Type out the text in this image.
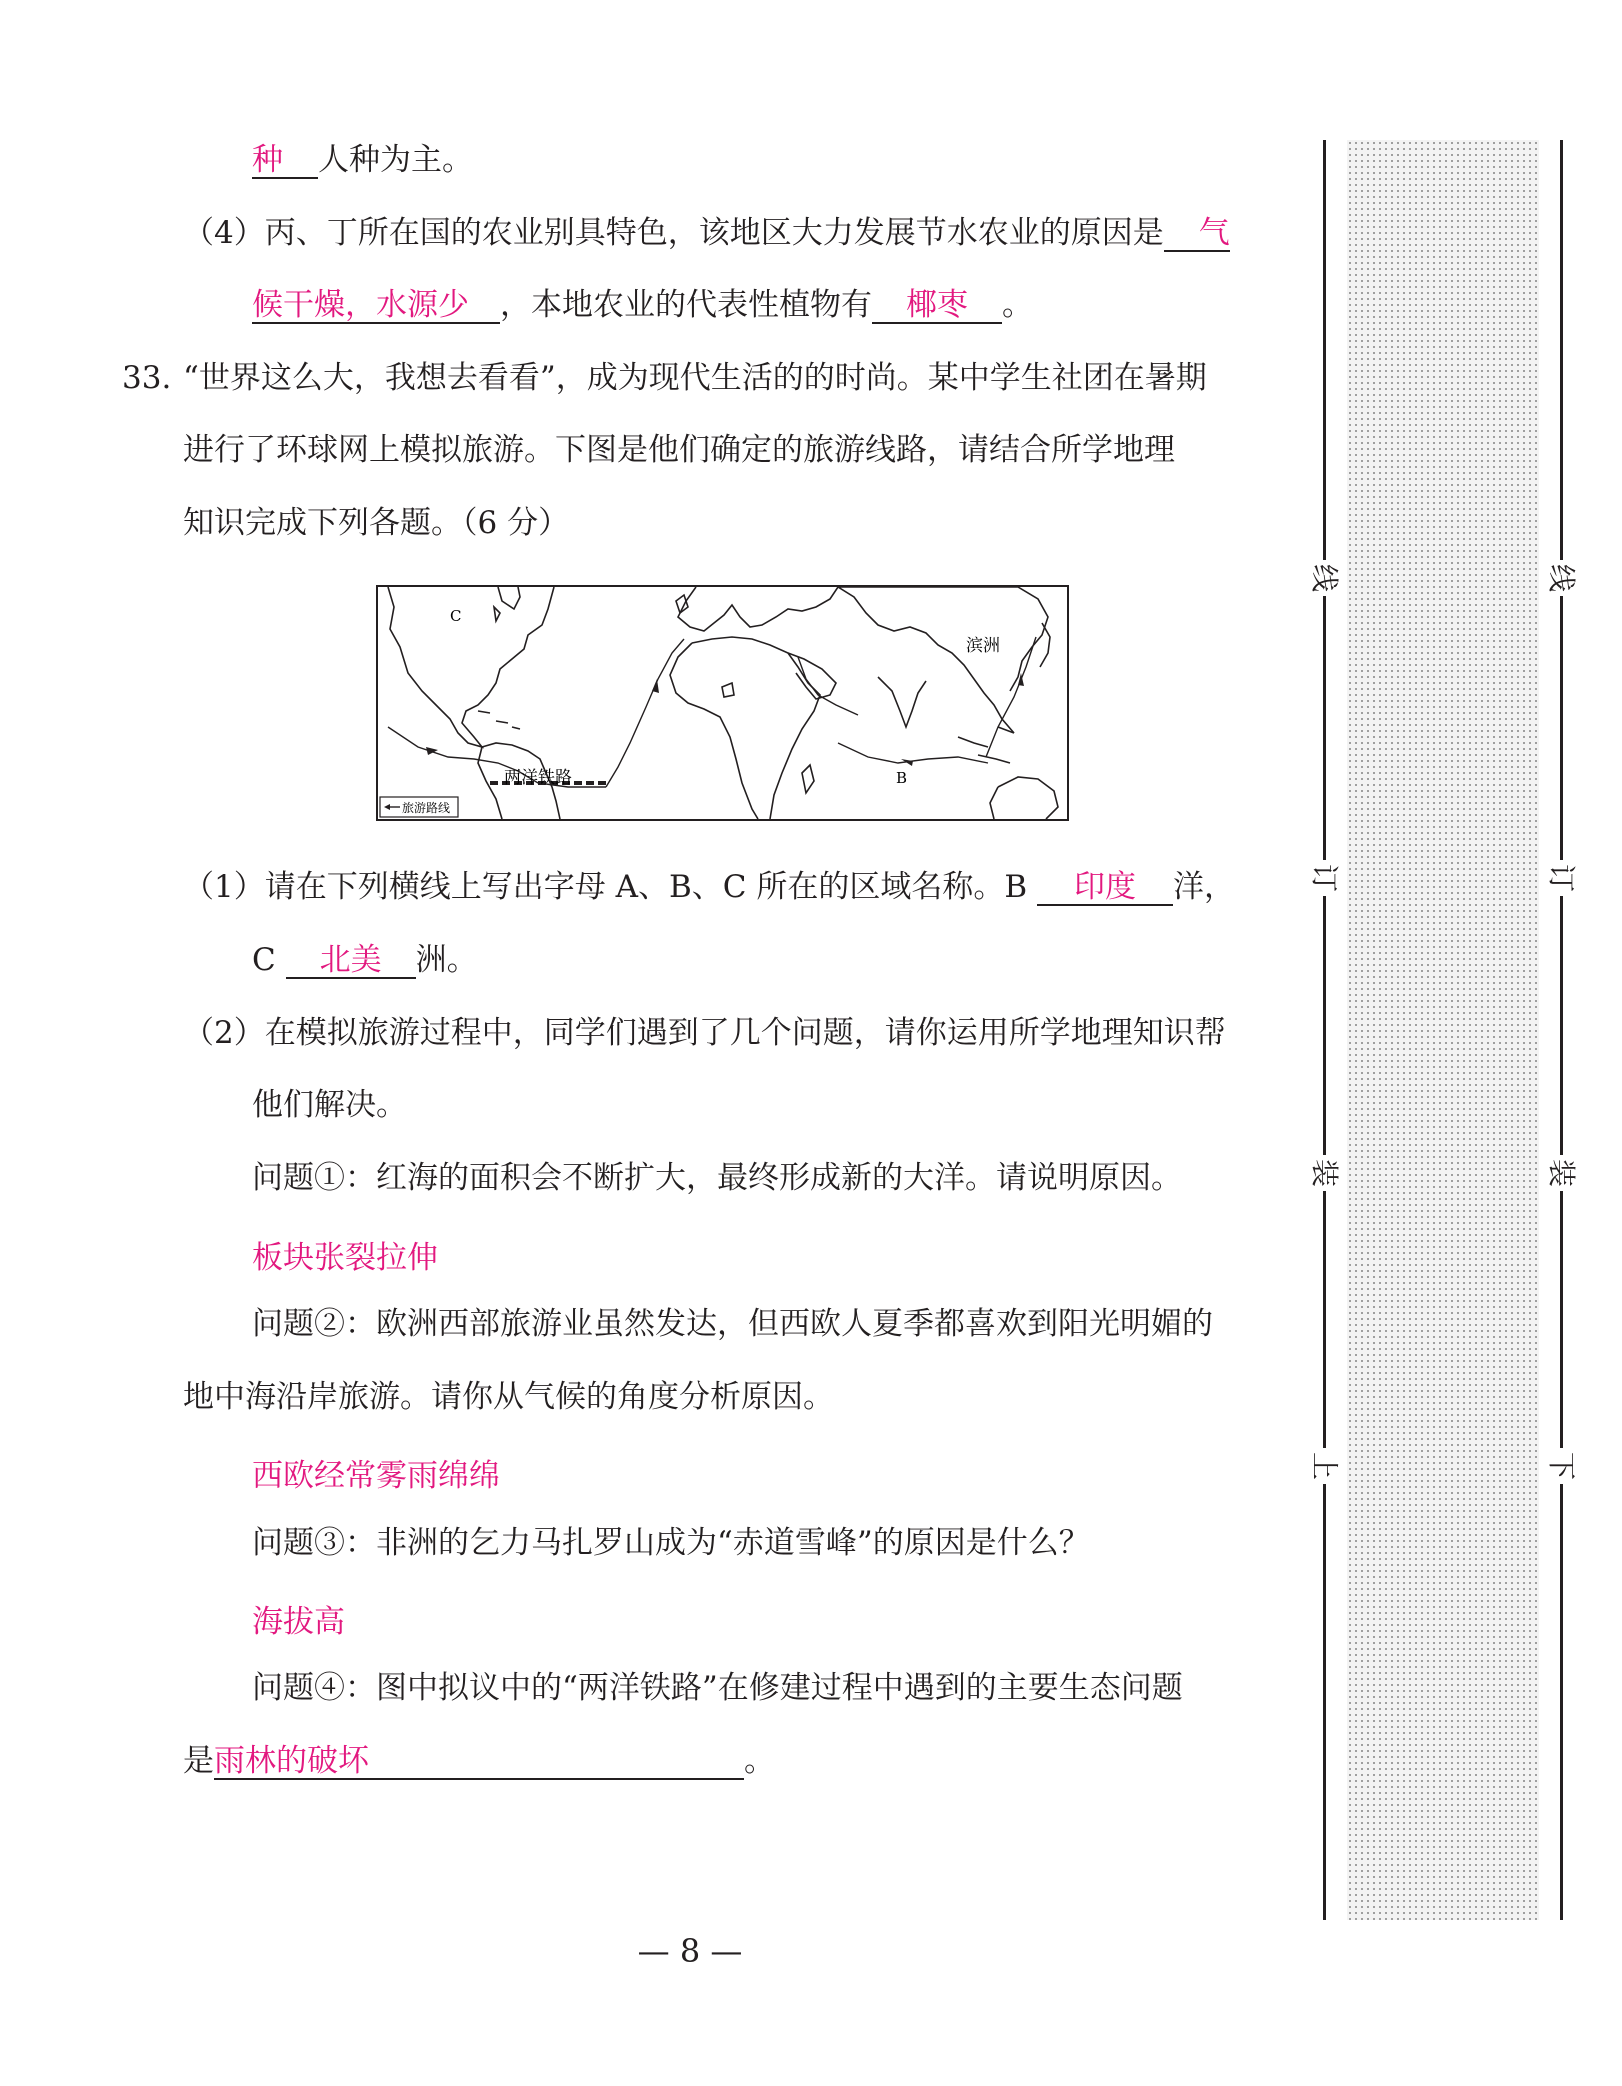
种 人种为主。
（4）丙、丁所在国的农业别具特色，该地区大力发展节水农业的原因是 气
候干燥，水源少 ，本地农业的代表性植物有 椰枣 。
33. “世界这么大，我想去看看”，成为现代生活的的时尚。某中学生社团在暑期
进行了环球网上模拟旅游。下图是他们确定的旅游线路，请结合所学地理
知识完成下列各题。（6 分）
C
B
滨洲
两洋铁路
旅游路线
（1）请在下列横线上写出字母 A、B、C 所在的区域名称。B 印度 洋，
C 北美 洲。
（2）在模拟旅游过程中，同学们遇到了几个问题，请你运用所学地理知识帮
他们解决。
问题①：红海的面积会不断扩大，最终形成新的大洋。请说明原因。
板块张裂拉伸
问题②：欧洲西部旅游业虽然发达，但西欧人夏季都喜欢到阳光明媚的
地中海沿岸旅游。请你从气候的角度分析原因。
西欧经常雾雨绵绵
问题③：非洲的乞力马扎罗山成为“赤道雪峰”的原因是什么？
海拔高
问题④：图中拟议中的“两洋铁路”在修建过程中遇到的主要生态问题
是雨林的破坏	。
线
订
装
上
线
订
装
下
— 8 —
